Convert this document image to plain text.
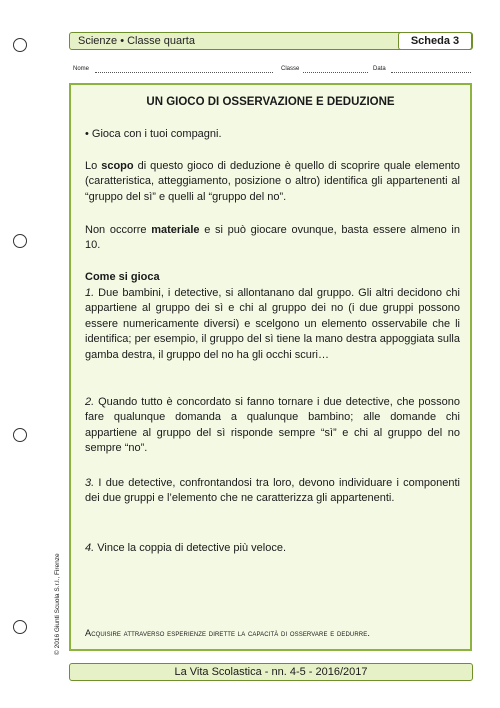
Scienze • Classe quarta	Scheda 3
Nome	Classe	Data
UN GIOCO DI OSSERVAZIONE E DEDUZIONE
• Gioca con i tuoi compagni.
Lo scopo di questo gioco di deduzione è quello di scoprire quale elemento (caratteristica, atteggiamento, posizione o altro) identifica gli appartenenti al “gruppo del sì” e quelli al “gruppo del no”.
Non occorre materiale e si può giocare ovunque, basta essere almeno in 10.
Come si gioca
1. Due bambini, i detective, si allontanano dal gruppo. Gli altri decidono chi appartiene al gruppo dei sì e chi al gruppo dei no (i due gruppi possono essere numericamente diversi) e scelgono un elemento osservabile che li identifica; per esempio, il gruppo del sì tiene la mano destra appoggiata sulla gamba destra, il gruppo del no ha gli occhi scuri…
2. Quando tutto è concordato si fanno tornare i due detective, che possono fare qualunque domanda a qualunque bambino; alle domande chi appartiene al gruppo del sì risponde sempre “sì” e chi al gruppo del no sempre “no”.
3. I due detective, confrontandosi tra loro, devono individuare i componenti dei due gruppi e l’elemento che ne caratterizza gli appartenenti.
4. Vince la coppia di detective più veloce.
Acquisire attraverso esperienze dirette la capacità di osservare e dedurre.
© 2016 Giunti Scuola S.r.l., Firenze
La Vita Scolastica - nn. 4-5 - 2016/2017
